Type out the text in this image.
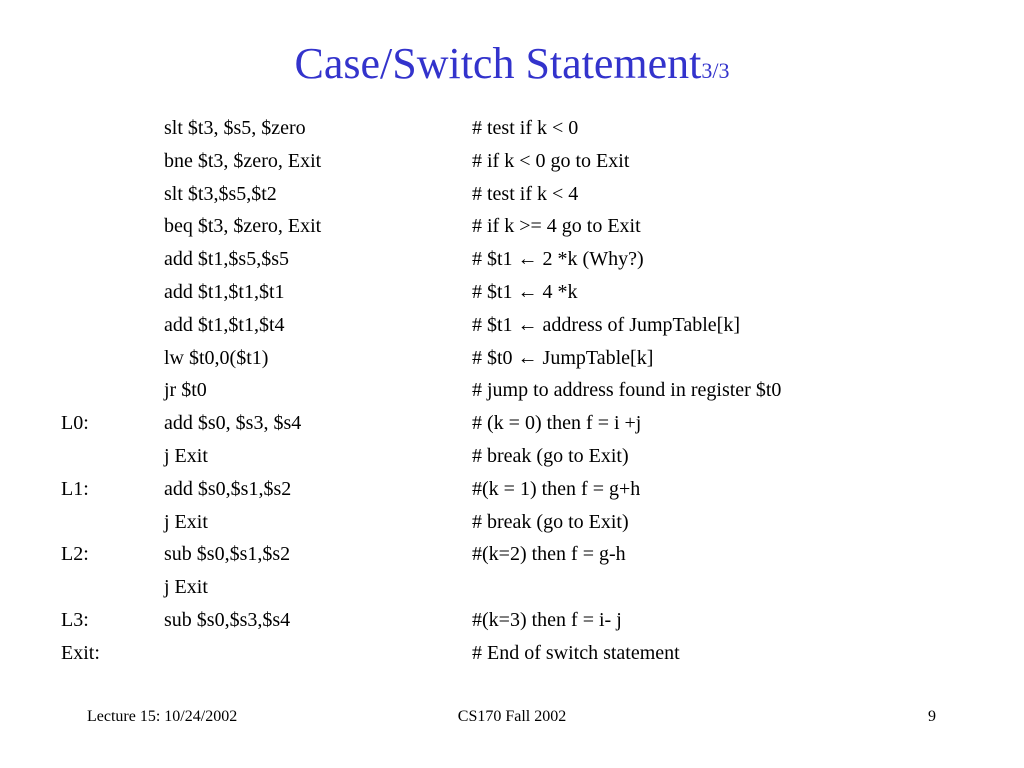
Case/Switch Statement3/3
slt $t3, $s5, $zero	# test if k < 0
bne $t3, $zero, Exit	# if k < 0 go to Exit
slt $t3,$s5,$t2	# test if k < 4
beq $t3, $zero, Exit	# if k >= 4 go to Exit
add $t1,$s5,$s5	# $t1 ← 2 *k (Why?)
add $t1,$t1,$t1	# $t1 ← 4 *k
add $t1,$t1,$t4	# $t1 ← address of JumpTable[k]
lw $t0,0($t1)	# $t0 ← JumpTable[k]
jr $t0	# jump to address found in register $t0
L0:	add $s0, $s3, $s4	# (k = 0) then f = i +j
j Exit	# break (go to Exit)
L1:	add $s0,$s1,$s2	#(k = 1) then f = g+h
j Exit	# break (go to Exit)
L2:	sub $s0,$s1,$s2	#(k=2) then f = g-h
j Exit
L3:	sub $s0,$s3,$s4	#(k=3) then f = i- j
Exit:	# End of switch statement
Lecture 15: 10/24/2002	CS170 Fall 2002	9
